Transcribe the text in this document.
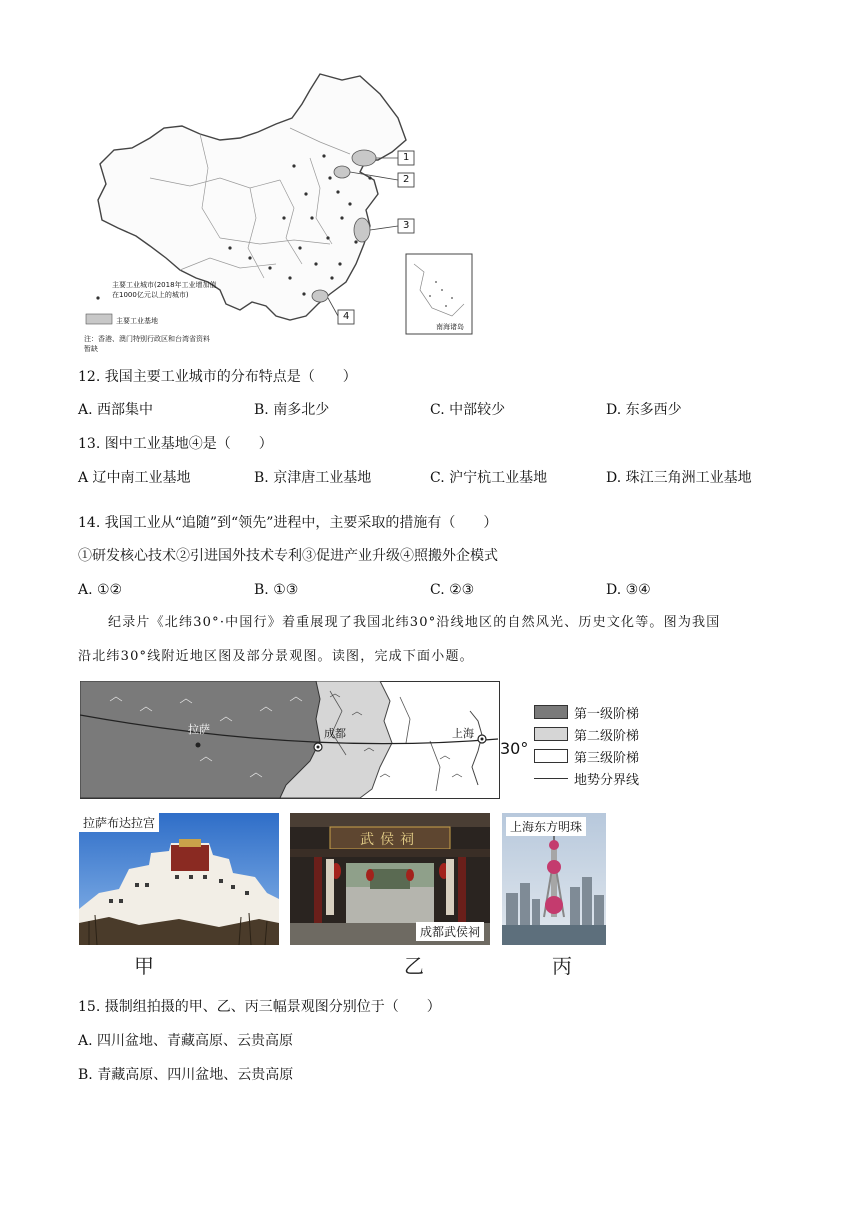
1
2
3
4
南海诸岛
主要工业城市(2018年工业增加值在1000亿元以上的城市)
主要工业基地
注：香港、澳门特别行政区和台湾省资料暂缺
12. 我国主要工业城市的分布特点是（　　）
A. 西部集中	B. 南多北少	C. 中部较少	D. 东多西少
13. 图中工业基地④是（　　）
A 辽中南工业基地	B. 京津唐工业基地	C. 沪宁杭工业基地	D. 珠江三角洲工业基地
14. 我国工业从“追随”到“领先”进程中，主要采取的措施有（　　）
①研发核心技术②引进国外技术专利③促进产业升级④照搬外企模式
A. ①②	B. ①③	C. ②③	D. ③④
纪录片《北纬30°·中国行》着重展现了我国北纬30°沿线地区的自然风光、历史文化等。图为我国
沿北纬30°线附近地区图及部分景观图。读图，完成下面小题。
拉萨	成都	上海
30°
第一级阶梯
第二级阶梯
第三级阶梯
地势分界线
拉萨布达拉宫
甲
武侯祠
成都武侯祠
乙
上海东方明珠
丙
15. 摄制组拍摄的甲、乙、丙三幅景观图分别位于（　　）
A. 四川盆地、青藏高原、云贵高原
B. 青藏高原、四川盆地、云贵高原
